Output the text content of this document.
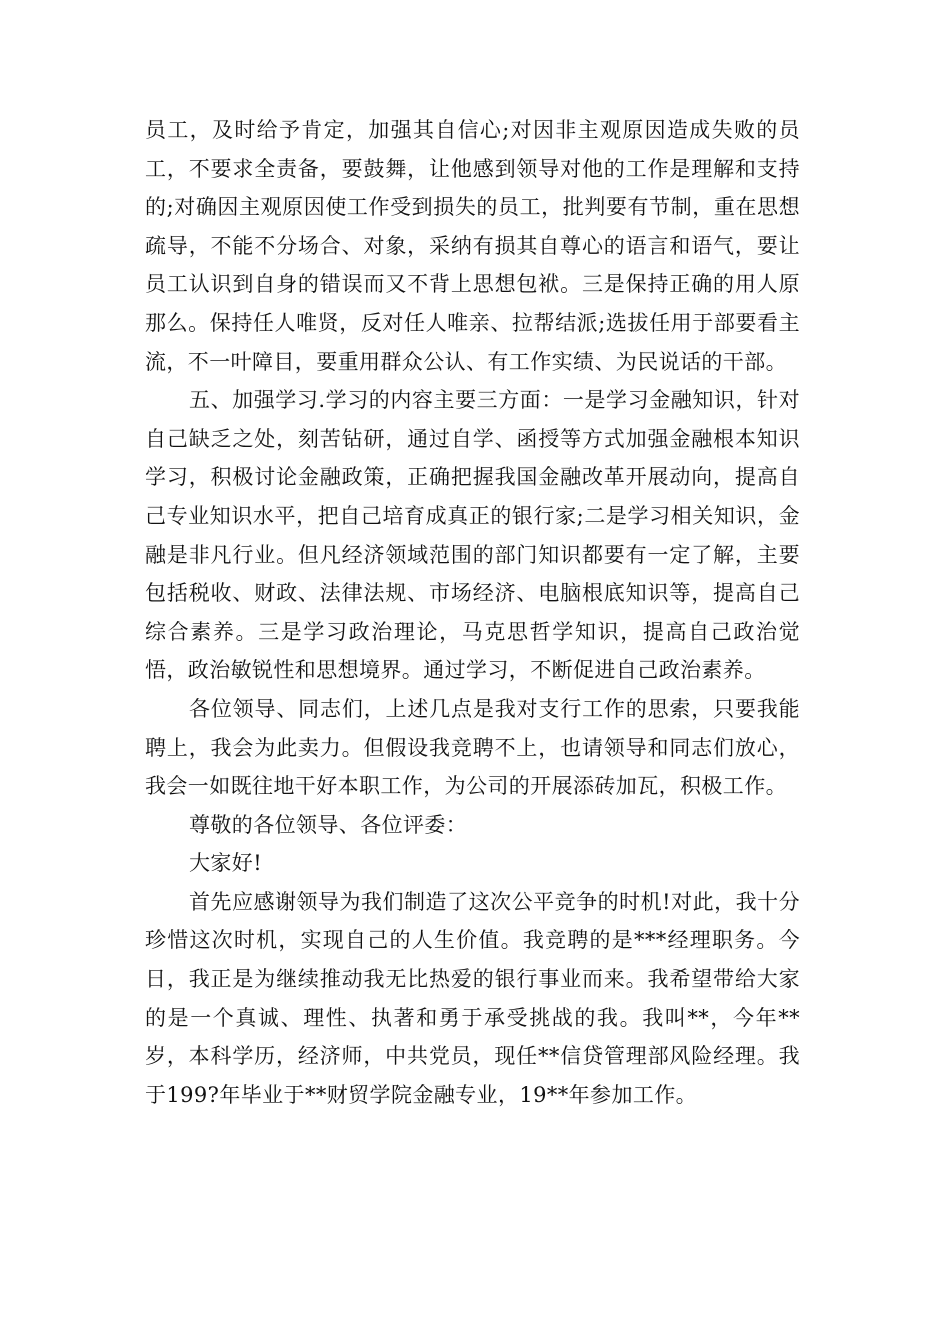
员工，及时给予肯定，加强其自信心;对因非主观原因造成失败的员工，不要求全责备，要鼓舞，让他感到领导对他的工作是理解和支持的;对确因主观原因使工作受到损失的员工，批判要有节制，重在思想疏导，不能不分场合、对象，采纳有损其自尊心的语言和语气，要让员工认识到自身的错误而又不背上思想包袱。三是保持正确的用人原那么。保持任人唯贤，反对任人唯亲、拉帮结派;选拔任用于部要看主流，不一叶障目，要重用群众公认、有工作实绩、为民说话的干部。

五、加强学习.学习的内容主要三方面：一是学习金融知识，针对自己缺乏之处，刻苦钻研，通过自学、函授等方式加强金融根本知识学习，积极讨论金融政策，正确把握我国金融改革开展动向，提高自己专业知识水平，把自己培育成真正的银行家;二是学习相关知识，金融是非凡行业。但凡经济领域范围的部门知识都要有一定了解，主要包括税收、财政、法律法规、市场经济、电脑根底知识等，提高自己综合素养。三是学习政治理论，马克思哲学知识，提高自己政治觉悟，政治敏锐性和思想境界。通过学习，不断促进自己政治素养。

各位领导、同志们，上述几点是我对支行工作的思索，只要我能聘上，我会为此卖力。但假设我竞聘不上，也请领导和同志们放心，我会一如既往地干好本职工作，为公司的开展添砖加瓦，积极工作。

尊敬的各位领导、各位评委：

大家好!

首先应感谢领导为我们制造了这次公平竞争的时机!对此，我十分珍惜这次时机，实现自己的人生价值。我竞聘的是***经理职务。今日，我正是为继续推动我无比热爱的银行事业而来。我希望带给大家的是一个真诚、理性、执著和勇于承受挑战的我。我叫**，今年**岁，本科学历，经济师，中共党员，现任**信贷管理部风险经理。我于199?年毕业于**财贸学院金融专业，19**年参加工作。
